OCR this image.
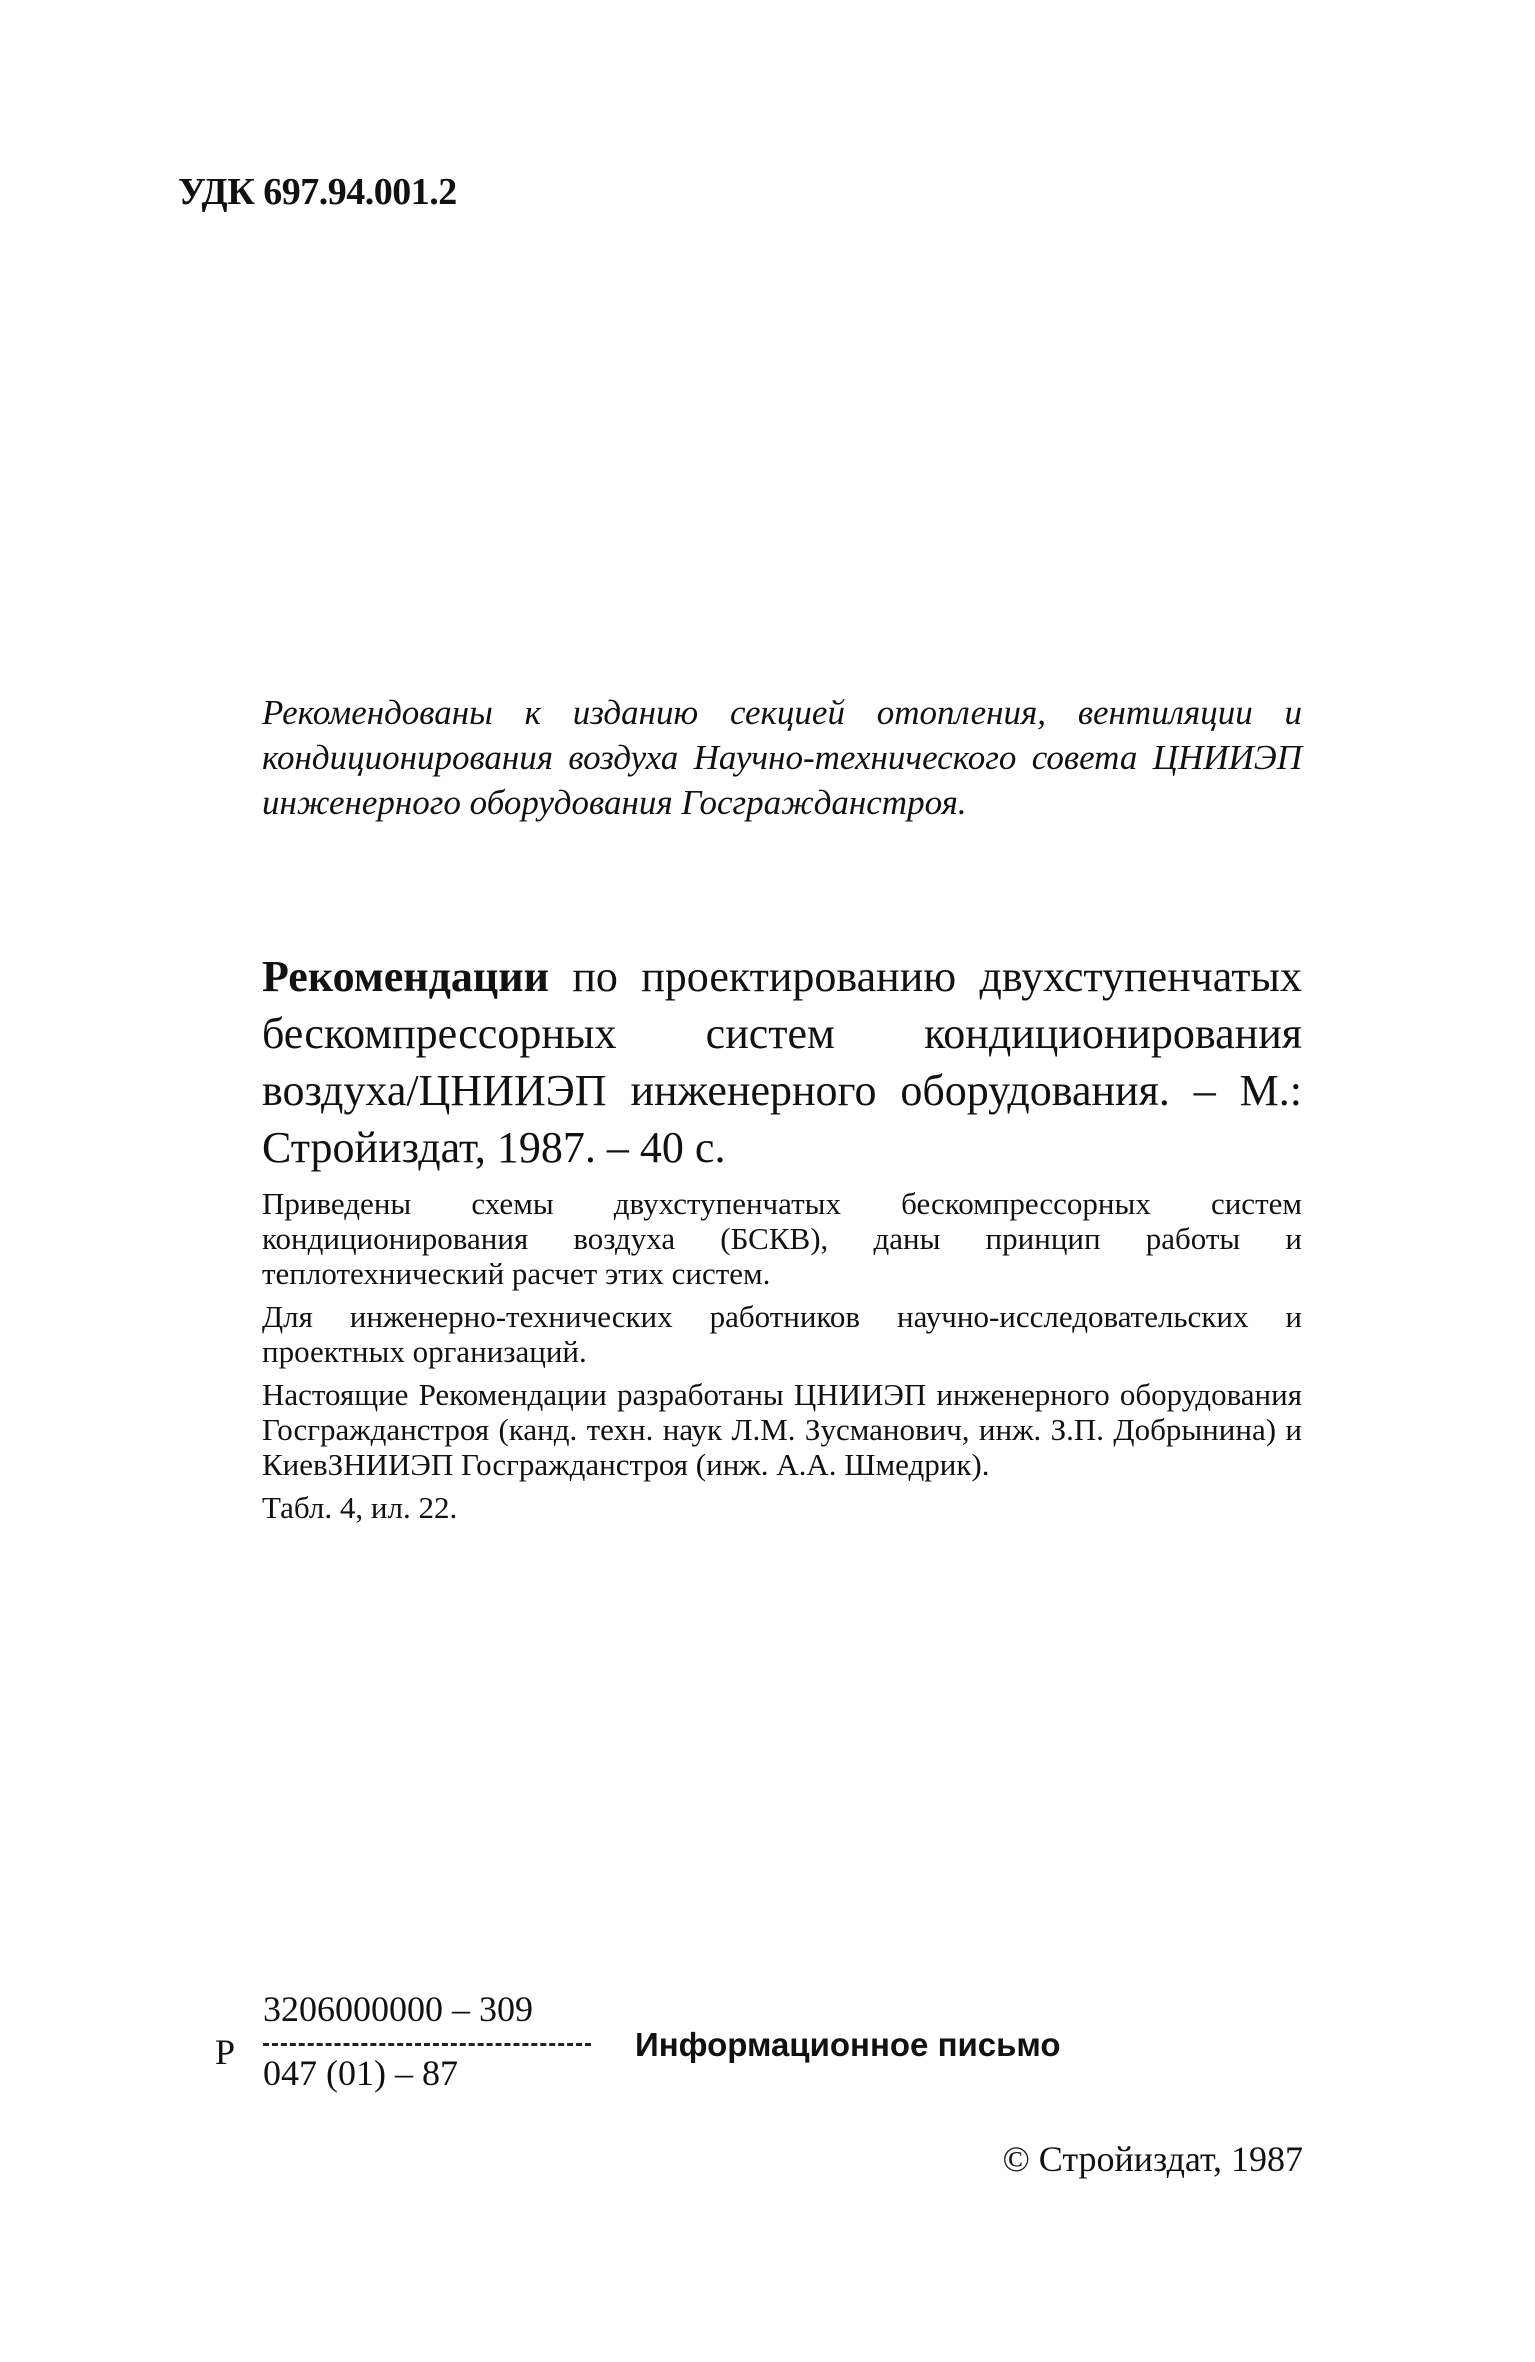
УДК 697.94.001.2
Рекомендованы к изданию секцией отопления, вентиляции и кондиционирования воздуха Научно-технического совета ЦНИИЭП инженерного оборудования Госгражданстроя.

Рекомендации по проектированию двухступенчатых бескомпрессорных систем кондиционирования воздуха/ЦНИИЭП инженерного оборудования. – М.: Стройиздат, 1987. – 40 с.

Приведены схемы двухступенчатых бескомпрессорных систем кондиционирования воздуха (БСКВ), даны принцип работы и теплотехнический расчет этих систем.

Для инженерно-технических работников научно-исследовательских и проектных организаций.

Настоящие Рекомендации разработаны ЦНИИЭП инженерного оборудования Госгражданстроя (канд. техн. наук Л.М. Зусманович, инж. З.П. Добрынина) и КиевЗНИИЭП Госгражданстроя (инж. А.А. Шмедрик).

Табл. 4, ил. 22.

Р
3206000000 – 309
047 (01) – 87
Информационное письмо
© Стройиздат, 1987
